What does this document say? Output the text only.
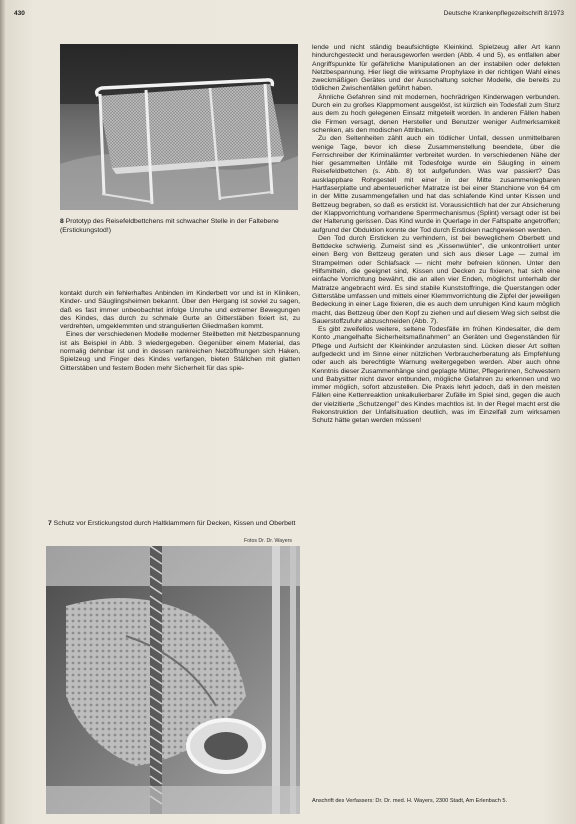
430	Deutsche Krankenpflegezeitschrift 8/1973
8 Prototyp des Reisefeldbettchens mit schwacher Stelle in der Faltebene (Erstickungstod!)

kontakt durch ein fehlerhaftes Anbinden im Kinderbett vor und ist in Kliniken, Kinder- und Säuglingsheimen bekannt. Über den Hergang ist soviel zu sagen, daß es fast immer unbeobachtet infolge Unruhe und extremer Bewegungen des Kindes, das durch zu schmale Gurte an Gitterstäben fixiert ist, zu verdrehten, umgeklemmten und strangulierten Gliedmaßen kommt.

Eines der verschiedenen Modelle moderner Steilbetten mit Netzbespannung ist als Beispiel in Abb. 3 wiedergegeben. Gegenüber einem Material, das normalig dehnbar ist und in dessen rankreichen Netzöffnungen sich Haken, Spielzeug und Finger des Kindes verfangen, bieten Ställchen mit glatten Gitterstäben und festem Boden mehr Sicherheit für das spie-

7 Schutz vor Erstickungstod durch Haltklammern für Decken, Kissen und Oberbett
Fotos Dr. Dr. Wayers

lende und nicht ständig beaufsichtigte Kleinkind. Spielzeug aller Art kann hindurchgesteckt und herausgeworfen werden (Abb. 4 und 5), es entfallen aber Angriffspunkte für gefährliche Manipulationen an der instabilen oder defekten Netzbespannung. Hier liegt die wirksame Prophylaxe in der richtigen Wahl eines zweckmäßigen Gerätes und der Ausschaltung solcher Modelle, die bereits zu tödlichen Zwischenfällen geführt haben.

Ähnliche Gefahren sind mit modernen, hochrädrigen Kinderwagen verbunden. Durch ein zu großes Klappmoment ausgelöst, ist kürzlich ein Todesfall zum Sturz aus dem zu hoch gelegenen Einsatz mitgeteilt worden. In anderen Fällen haben die Firmen versagt, denen Hersteller und Benutzer weniger Aufmerksamkeit schenken, als den modischen Attributen.

Zu den Seltenheiten zählt auch ein tödlicher Unfall, dessen unmittelbaren wenige Tage, bevor ich diese Zusammenstellung beendete, über die Fernschreiber der Kriminalämter verbreitet wurden. In verschiedenen Nähe der hier gesammelten Unfälle mit Todesfolge wurde ein Säugling in einem Reisefeldbettchen (s. Abb. 8) tot aufgefunden. Was war passiert? Das ausklappbare Rohrgestell mit einer in der Mitte zusammenlegbaren Hartfaserplatte und abenteuerlicher Matratze ist bei einer Stanchione von 64 cm in der Mitte zusammengefallen und hat das schlafende Kind unter Kissen und Bettzeug begraben, so daß es erstickt ist. Voraussichtlich hat der zur Absicherung der Klappvorrichtung vorhandene Sperrmechanismus (Splint) versagt oder ist bei der Halterung gerissen. Das Kind wurde in Querlage in der Faltspalte angetroffen; aufgrund der Obduktion konnte der Tod durch Ersticken nachgewiesen werden.

Den Tod durch Ersticken zu verhindern, ist bei beweglichem Oberbett und Bettdecke schwierig. Zumeist sind es „Kissenwühler", die unkontrolliert unter einen Berg von Bettzeug geraten und sich aus dieser Lage — zumal im Strampelmen oder Schlafsack — nicht mehr befreien können. Unter den Hilfsmitteln, die geeignet sind, Kissen und Decken zu fixieren, hat sich eine einfache Vorrichtung bewährt, die an allen vier Enden, möglichst unterhalb der Matratze angebracht wird. Es sind stabile Kunststoffringe, die Querstangen oder Gitterstäbe umfassen und mittels einer Klemmvorrichtung die Zipfel der jeweiligen Bedeckung in einer Lage fixieren, die es auch dem unruhigen Kind kaum möglich macht, das Bettzeug über den Kopf zu ziehen und auf diesem Weg sich selbst die Sauerstoffzufuhr abzuschneiden (Abb. 7).

Es gibt zweifellos weitere, seltene Todesfälle im frühen Kindesalter, die dem Konto „mangelhafte Sicherheitsmaßnahmen" an Geräten und Gegenständen für Pflege und Aufsicht der Kleinkinder anzulasten sind. Lücken dieser Art sollten aufgedeckt und im Sinne einer nützlichen Verbraucherberatung als Empfehlung oder auch als berechtigte Warnung weitergegeben werden. Aber auch ohne Kenntnis dieser Zusammenhänge sind geplagte Mütter, Pflegerinnen, Schwestern und Babysitter nicht davor entbunden, mögliche Gefahren zu erkennen und wo immer möglich, sofort abzustellen. Die Praxis lehrt jedoch, daß in den meisten Fällen eine Kettenreaktion unkalkulierbarer Zufälle im Spiel sind, gegen die auch der vielzitierte „Schutzengel" des Kindes machtlos ist. In der Regel macht erst die Rekonstruktion der Unfallsituation deutlich, was im Einzelfall zum wirksamen Schutz hätte getan werden müssen!

Anschrift des Verfassers: Dr. Dr. med. H. Wayers, 2300 Stadt, Am Erlenbach 5.
